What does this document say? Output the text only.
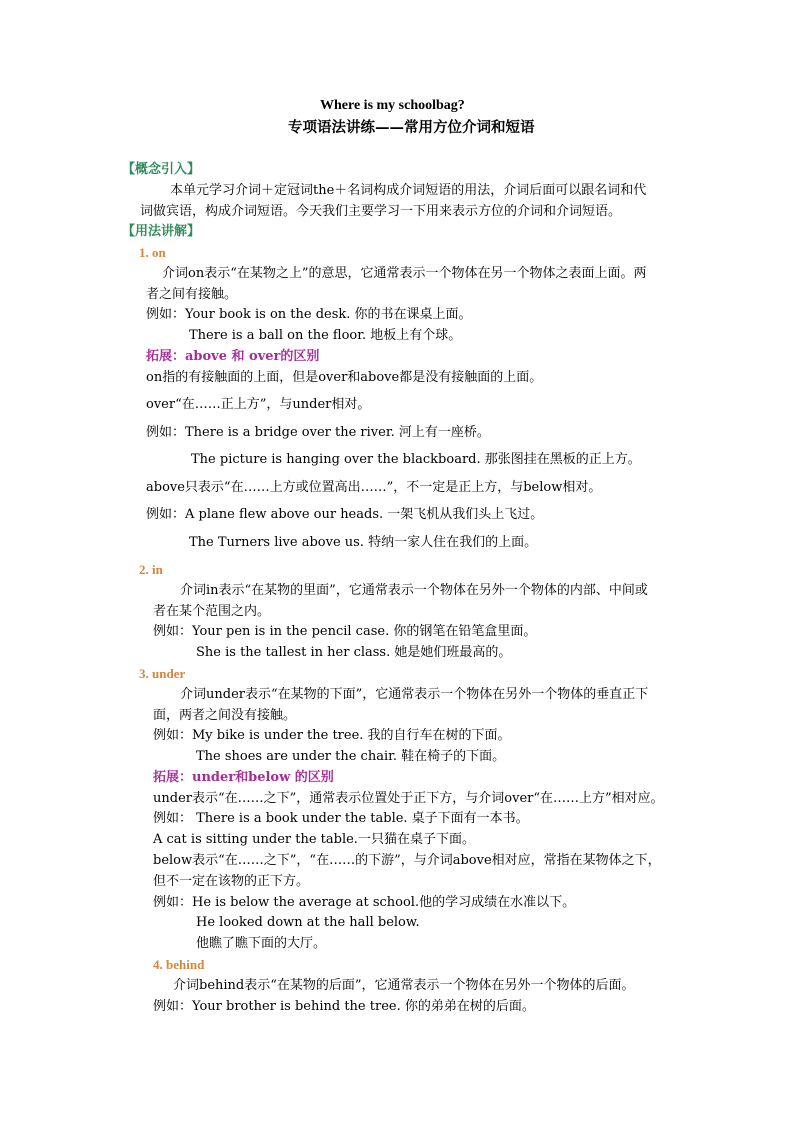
Where is my schoolbag?
专项语法讲练——常用方位介词和短语
【概念引入】
本单元学习介词＋定冠词the＋名词构成介词短语的用法，介词后面可以跟名词和代
词做宾语，构成介词短语。今天我们主要学习一下用来表示方位的介词和介词短语。
【用法讲解】
1. on
介词on表示“在某物之上”的意思，它通常表示一个物体在另一个物体之表面上面。两
者之间有接触。
例如：Your book is on the desk. 你的书在课桌上面。
There is a ball on the floor. 地板上有个球。
拓展：above 和 over的区别
on指的有接触面的上面，但是over和above都是没有接触面的上面。
over“在……正上方”，与under相对。
例如：There is a bridge over the river. 河上有一座桥。
The picture is hanging over the blackboard. 那张图挂在黑板的正上方。
above只表示“在……上方或位置高出……”，不一定是正上方，与below相对。
例如：A plane flew above our heads. 一架飞机从我们头上飞过。
The Turners live above us. 特纳一家人住在我们的上面。
2. in
介词in表示“在某物的里面”，它通常表示一个物体在另外一个物体的内部、中间或
者在某个范围之内。
例如：Your pen is in the pencil case. 你的钢笔在铅笔盒里面。
She is the tallest in her class. 她是她们班最高的。
3. under
介词under表示“在某物的下面”，它通常表示一个物体在另外一个物体的垂直正下
面，两者之间没有接触。
例如：My bike is under the tree. 我的自行车在树的下面。
The shoes are under the chair. 鞋在椅子的下面。
拓展：under和below 的区别
under表示“在……之下”，通常表示位置处于正下方，与介词over“在……上方”相对应。
例如： There is a book under the table. 桌子下面有一本书。
A cat is sitting under the table.一只猫在桌子下面。
below表示“在……之下”，“在……的下游”，与介词above相对应，常指在某物体之下，
但不一定在该物的正下方。
例如：He is below the average at school.他的学习成绩在水准以下。
He looked down at the hall below.
他瞧了瞧下面的大厅。
4. behind
介词behind表示“在某物的后面”，它通常表示一个物体在另外一个物体的后面。
例如：Your brother is behind the tree. 你的弟弟在树的后面。
